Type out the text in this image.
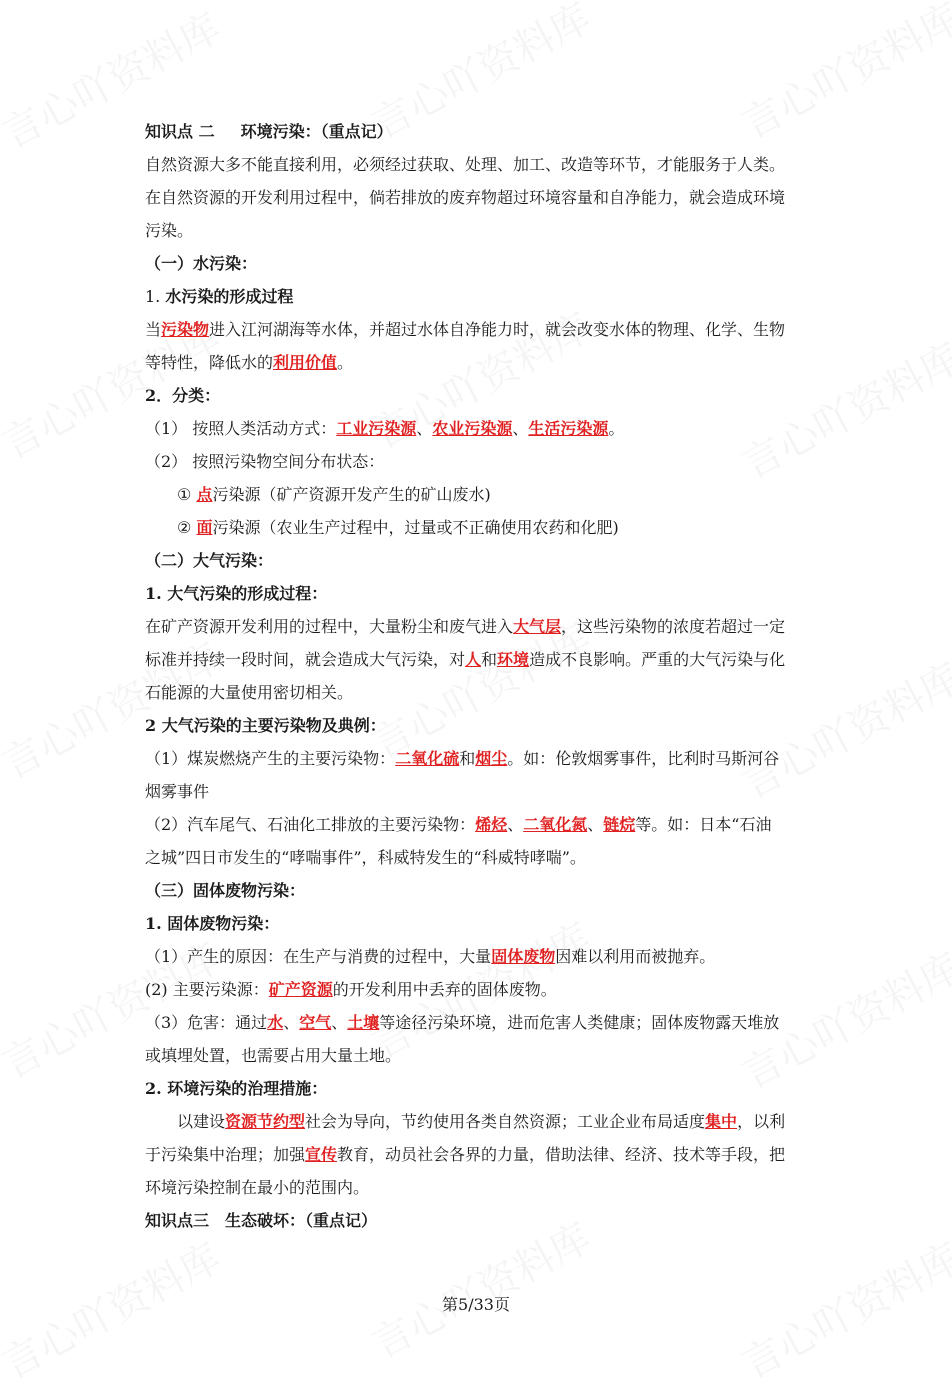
知识点 二 环境污染：（重点记）
自然资源大多不能直接利用，必须经过获取、处理、加工、改造等环节，才能服务于人类。
在自然资源的开发利用过程中，倘若排放的废弃物超过环境容量和自净能力，就会造成环境
污染。
（一）水污染：
1. 水污染的形成过程
当污染物进入江河湖海等水体，并超过水体自净能力时，就会改变水体的物理、化学、生物
等特性，降低水的利用价值。
2．分类：
（1） 按照人类活动方式：工业污染源、农业污染源、生活污染源。
（2） 按照污染物空间分布状态：
① 点污染源（矿产资源开发产生的矿山废水)
② 面污染源（农业生产过程中，过量或不正确使用农药和化肥)
（二）大气污染：
1. 大气污染的形成过程：
在矿产资源开发利用的过程中，大量粉尘和废气进入大气层，这些污染物的浓度若超过一定
标准并持续一段时间，就会造成大气污染，对人和环境造成不良影响。严重的大气污染与化
石能源的大量使用密切相关。
2 大气污染的主要污染物及典例：
（1）煤炭燃烧产生的主要污染物：二氧化硫和烟尘。如：伦敦烟雾事件，比利时马斯河谷
烟雾事件
（2）汽车尾气、石油化工排放的主要污染物：烯烃、二氧化氮、链烷等。如：日本“石油
之城”四日市发生的“哮喘事件”，科威特发生的“科威特哮喘”。
（三）固体废物污染：
1. 固体废物污染：
（1）产生的原因：在生产与消费的过程中，大量固体废物因难以利用而被抛弃。
(2) 主要污染源：矿产资源的开发利用中丢弃的固体废物。
（3）危害：通过水、空气、土壤等途径污染环境，进而危害人类健康；固体废物露天堆放
或填埋处置，也需要占用大量土地。
2. 环境污染的治理措施：
以建设资源节约型社会为导向，节约使用各类自然资源；工业企业布局适度集中，以利
于污染集中治理；加强宣传教育，动员社会各界的力量，借助法律、经济、技术等手段，把
环境污染控制在最小的范围内。
知识点三 生态破坏：（重点记）
第5/33页
